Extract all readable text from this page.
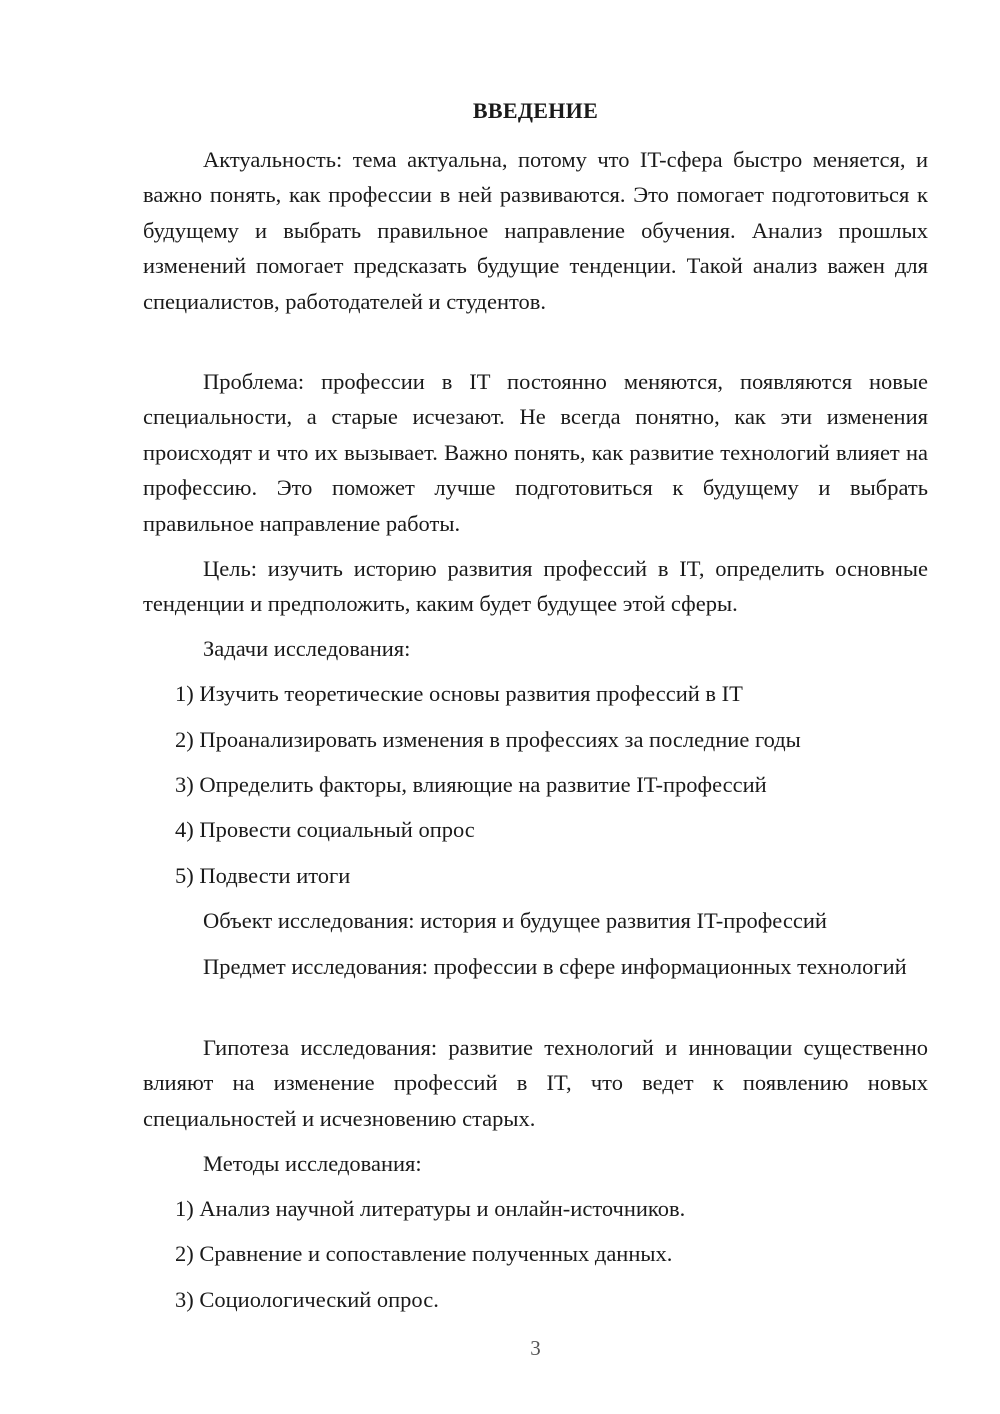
ВВЕДЕНИЕ

Актуальность: тема актуальна, потому что IT-сфера быстро меняется, и важно понять, как профессии в ней развиваются. Это помогает подготовиться к будущему и выбрать правильное направление обучения. Анализ прошлых изменений помогает предсказать будущие тенденции. Такой анализ важен для специалистов, работодателей и студентов.

Проблема: профессии в IT постоянно меняются, появляются новые специальности, а старые исчезают. Не всегда понятно, как эти изменения происходят и что их вызывает. Важно понять, как развитие технологий влияет на профессию. Это поможет лучше подготовиться к будущему и выбрать правильное направление работы.

Цель: изучить историю развития профессий в IT, определить основные тенденции и предположить, каким будет будущее этой сферы.

Задачи исследования:

1) Изучить теоретические основы развития профессий в IT

2) Проанализировать изменения в профессиях за последние годы

3) Определить факторы, влияющие на развитие IT-профессий

4) Провести социальный опрос

5) Подвести итоги

Объект исследования: история и будущее развития IT-профессий

Предмет исследования: профессии в сфере информационных технологий

Гипотеза исследования: развитие технологий и инновации существенно влияют на изменение профессий в IT, что ведет к появлению новых специальностей и исчезновению старых.

Методы исследования:

1) Анализ научной литературы и онлайн-источников.

2) Сравнение и сопоставление полученных данных.

3) Социологический опрос.

3
